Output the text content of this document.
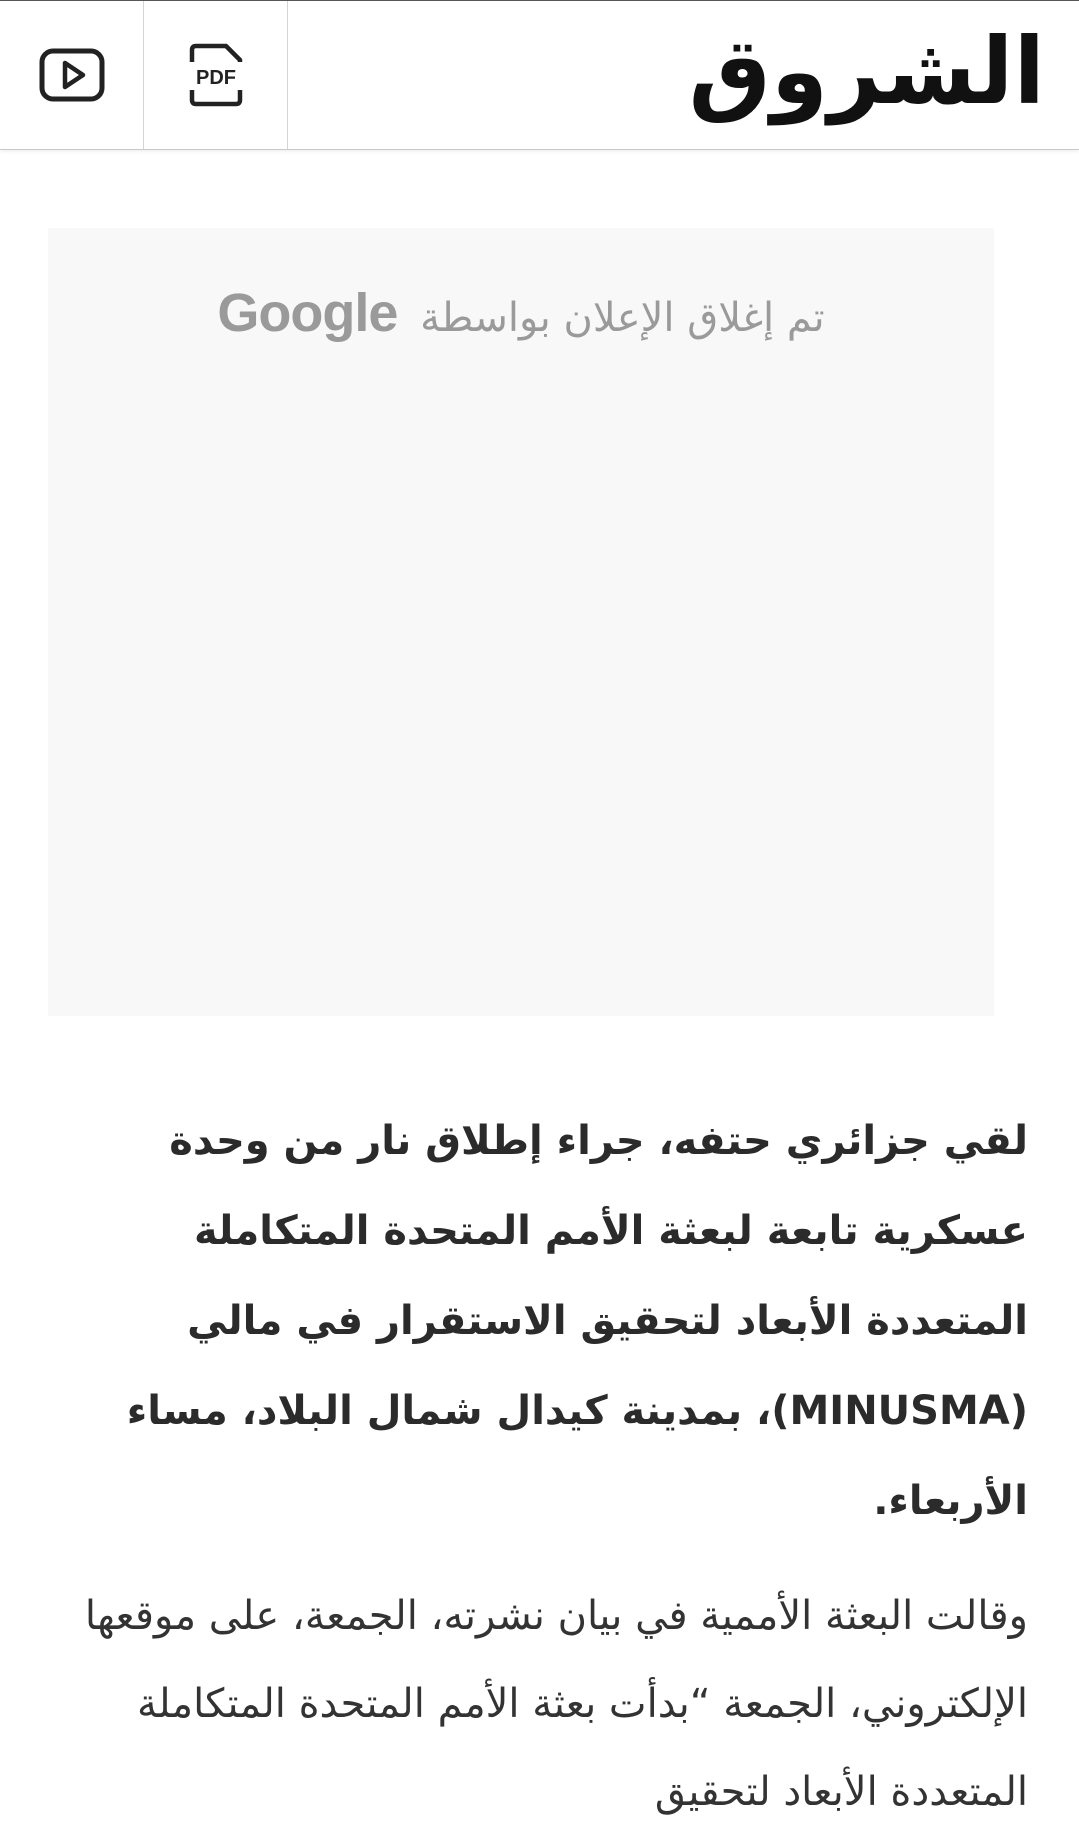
PDF	الشروق
تم إغلاق الإعلان بواسطة Google

لقي جزائري حتفه، جراء إطلاق نار من وحدة عسكرية تابعة لبعثة الأمم المتحدة المتكاملة المتعددة الأبعاد لتحقيق الاستقرار في مالي (MINUSMA)، بمدينة كيدال شمال البلاد، مساء الأربعاء.

وقالت البعثة الأممية في بيان نشرته، الجمعة، على موقعها الإلكتروني، الجمعة “بدأت بعثة الأمم المتحدة المتكاملة المتعددة الأبعاد لتحقيق
